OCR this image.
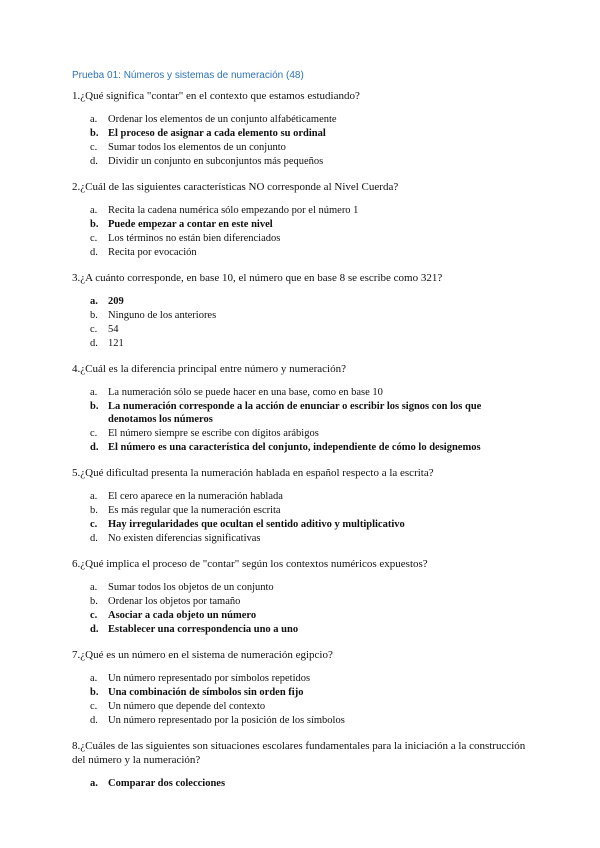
Prueba 01: Números y sistemas de numeración (48)

1.¿Qué significa "contar" en el contexto que estamos estudiando?

a.	Ordenar los elementos de un conjunto alfabéticamente
b. El proceso de asignar a cada elemento su ordinal
c.	Sumar todos los elementos de un conjunto
d. Dividir un conjunto en subconjuntos más pequeños

2.¿Cuál de las siguientes características NO corresponde al Nivel Cuerda?

a.	Recita la cadena numérica sólo empezando por el número 1
b. Puede empezar a contar en este nivel
c.	Los términos no están bien diferenciados
d. Recita por evocación

3.¿A cuánto corresponde, en base 10, el número que en base 8 se escribe como 321?

a. 209
b. Ninguno de los anteriores
c.	54
d. 121

4.¿Cuál es la diferencia principal entre número y numeración?

a.	La numeración sólo se puede hacer en una base, como en base 10
b. La numeración corresponde a la acción de enunciar o escribir los signos con los que denotamos los números
c.	El número siempre se escribe con dígitos arábigos
d. El número es una característica del conjunto, independiente de cómo lo designemos

5.¿Qué dificultad presenta la numeración hablada en español respecto a la escrita?

a.	El cero aparece en la numeración hablada
b. Es más regular que la numeración escrita
c.	Hay irregularidades que ocultan el sentido aditivo y multiplicativo
d. No existen diferencias significativas

6.¿Qué implica el proceso de "contar" según los contextos numéricos expuestos?

a.	Sumar todos los objetos de un conjunto
b. Ordenar los objetos por tamaño
c.	Asociar a cada objeto un número
d. Establecer una correspondencia uno a uno

7.¿Qué es un número en el sistema de numeración egipcio?

a.	Un número representado por símbolos repetidos
b. Una combinación de símbolos sin orden fijo
c.	Un número que depende del contexto
d. Un número representado por la posición de los símbolos

8.¿Cuáles de las siguientes son situaciones escolares fundamentales para la iniciación a la construcción del número y la numeración?

a. Comparar dos colecciones
